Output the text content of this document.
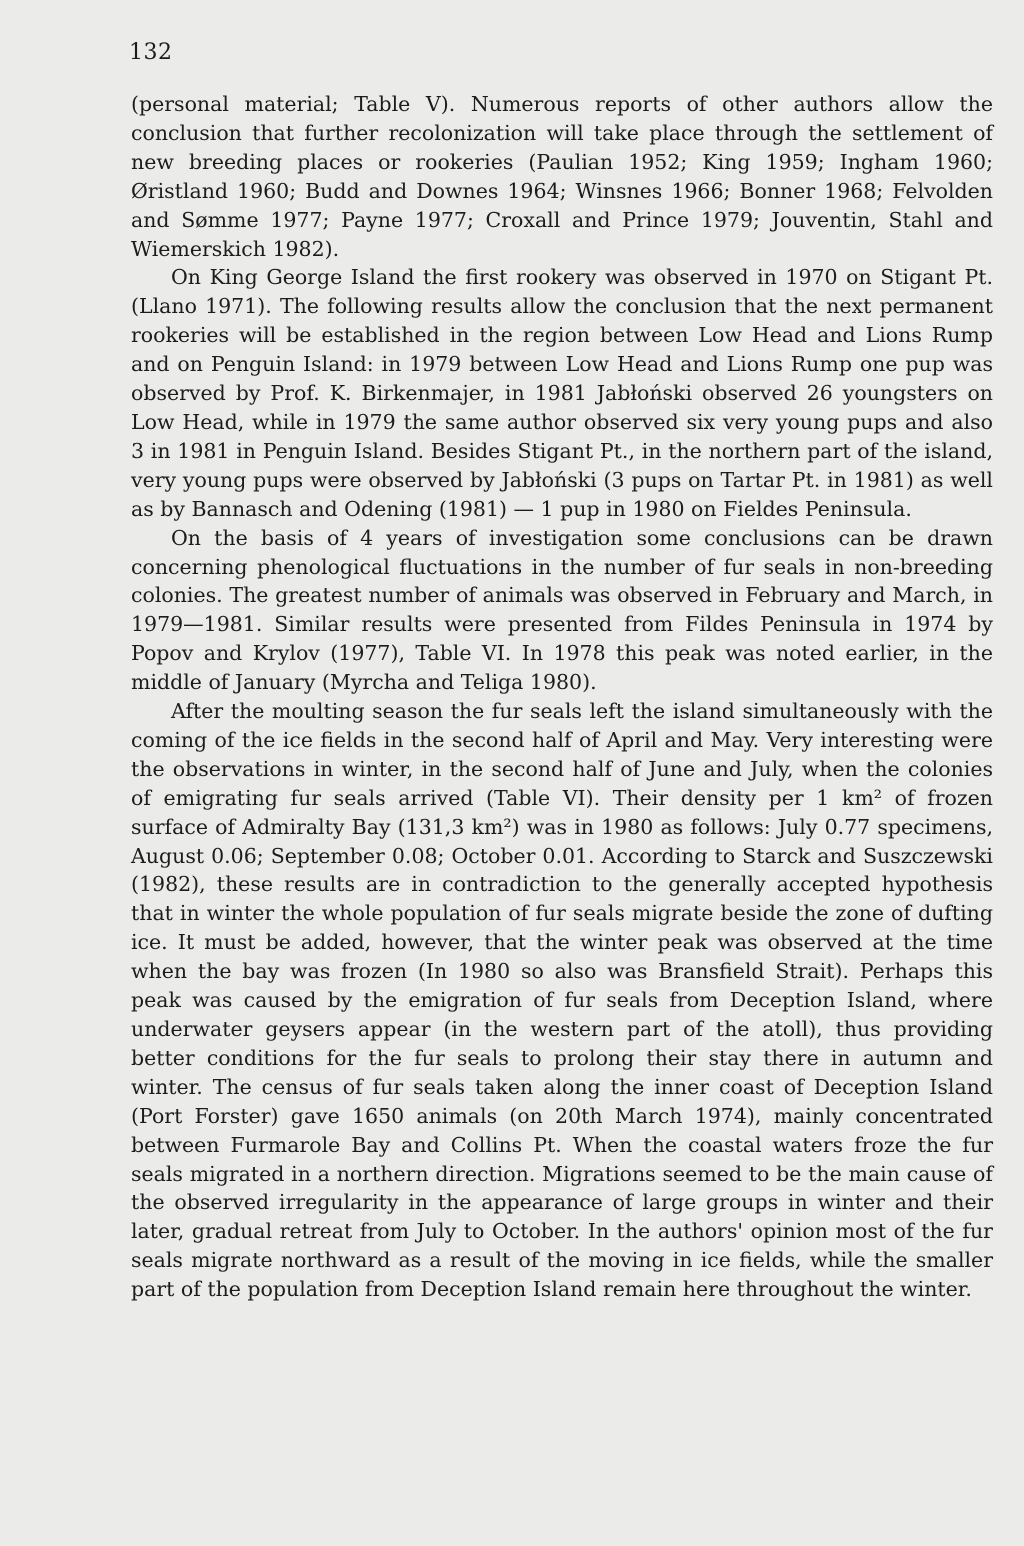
132

(personal material; Table V). Numerous reports of other authors allow the conclusion that further recolonization will take place through the settlement of new breeding places or rookeries (Paulian 1952; King 1959; Ingham 1960; Øristland 1960; Budd and Downes 1964; Winsnes 1966; Bonner 1968; Felvolden and Sømme 1977; Payne 1977; Croxall and Prince 1979; Jouventin, Stahl and Wiemerskich 1982).

On King George Island the first rookery was observed in 1970 on Stigant Pt. (Llano 1971). The following results allow the conclusion that the next permanent rookeries will be established in the region between Low Head and Lions Rump and on Penguin Island: in 1979 between Low Head and Lions Rump one pup was observed by Prof. K. Birkenmajer, in 1981 Jabłoński observed 26 youngsters on Low Head, while in 1979 the same author observed six very young pups and also 3 in 1981 in Penguin Island. Besides Stigant Pt., in the northern part of the island, very young pups were observed by Jabłoński (3 pups on Tartar Pt. in 1981) as well as by Bannasch and Odening (1981) — 1 pup in 1980 on Fieldes Peninsula.

On the basis of 4 years of investigation some conclusions can be drawn concerning phenological fluctuations in the number of fur seals in non-breeding colonies. The greatest number of animals was observed in February and March, in 1979—1981. Similar results were presented from Fildes Peninsula in 1974 by Popov and Krylov (1977), Table VI. In 1978 this peak was noted earlier, in the middle of January (Myrcha and Teliga 1980).

After the moulting season the fur seals left the island simultaneously with the coming of the ice fields in the second half of April and May. Very interesting were the observations in winter, in the second half of June and July, when the colonies of emigrating fur seals arrived (Table VI). Their density per 1 km² of frozen surface of Admiralty Bay (131,3 km²) was in 1980 as follows: July 0.77 specimens, August 0.06; September 0.08; October 0.01. According to Starck and Suszczewski (1982), these results are in contradiction to the generally accepted hypothesis that in winter the whole population of fur seals migrate beside the zone of dufting ice. It must be added, however, that the winter peak was observed at the time when the bay was frozen (In 1980 so also was Bransfield Strait). Perhaps this peak was caused by the emigration of fur seals from Deception Island, where underwater geysers appear (in the western part of the atoll), thus providing better conditions for the fur seals to prolong their stay there in autumn and winter. The census of fur seals taken along the inner coast of Deception Island (Port Forster) gave 1650 animals (on 20th March 1974), mainly concentrated between Furmarole Bay and Collins Pt. When the coastal waters froze the fur seals migrated in a northern direction. Migrations seemed to be the main cause of the observed irregularity in the appearance of large groups in winter and their later, gradual retreat from July to October. In the authors' opinion most of the fur seals migrate northward as a result of the moving in ice fields, while the smaller part of the population from Deception Island remain here throughout the winter.
